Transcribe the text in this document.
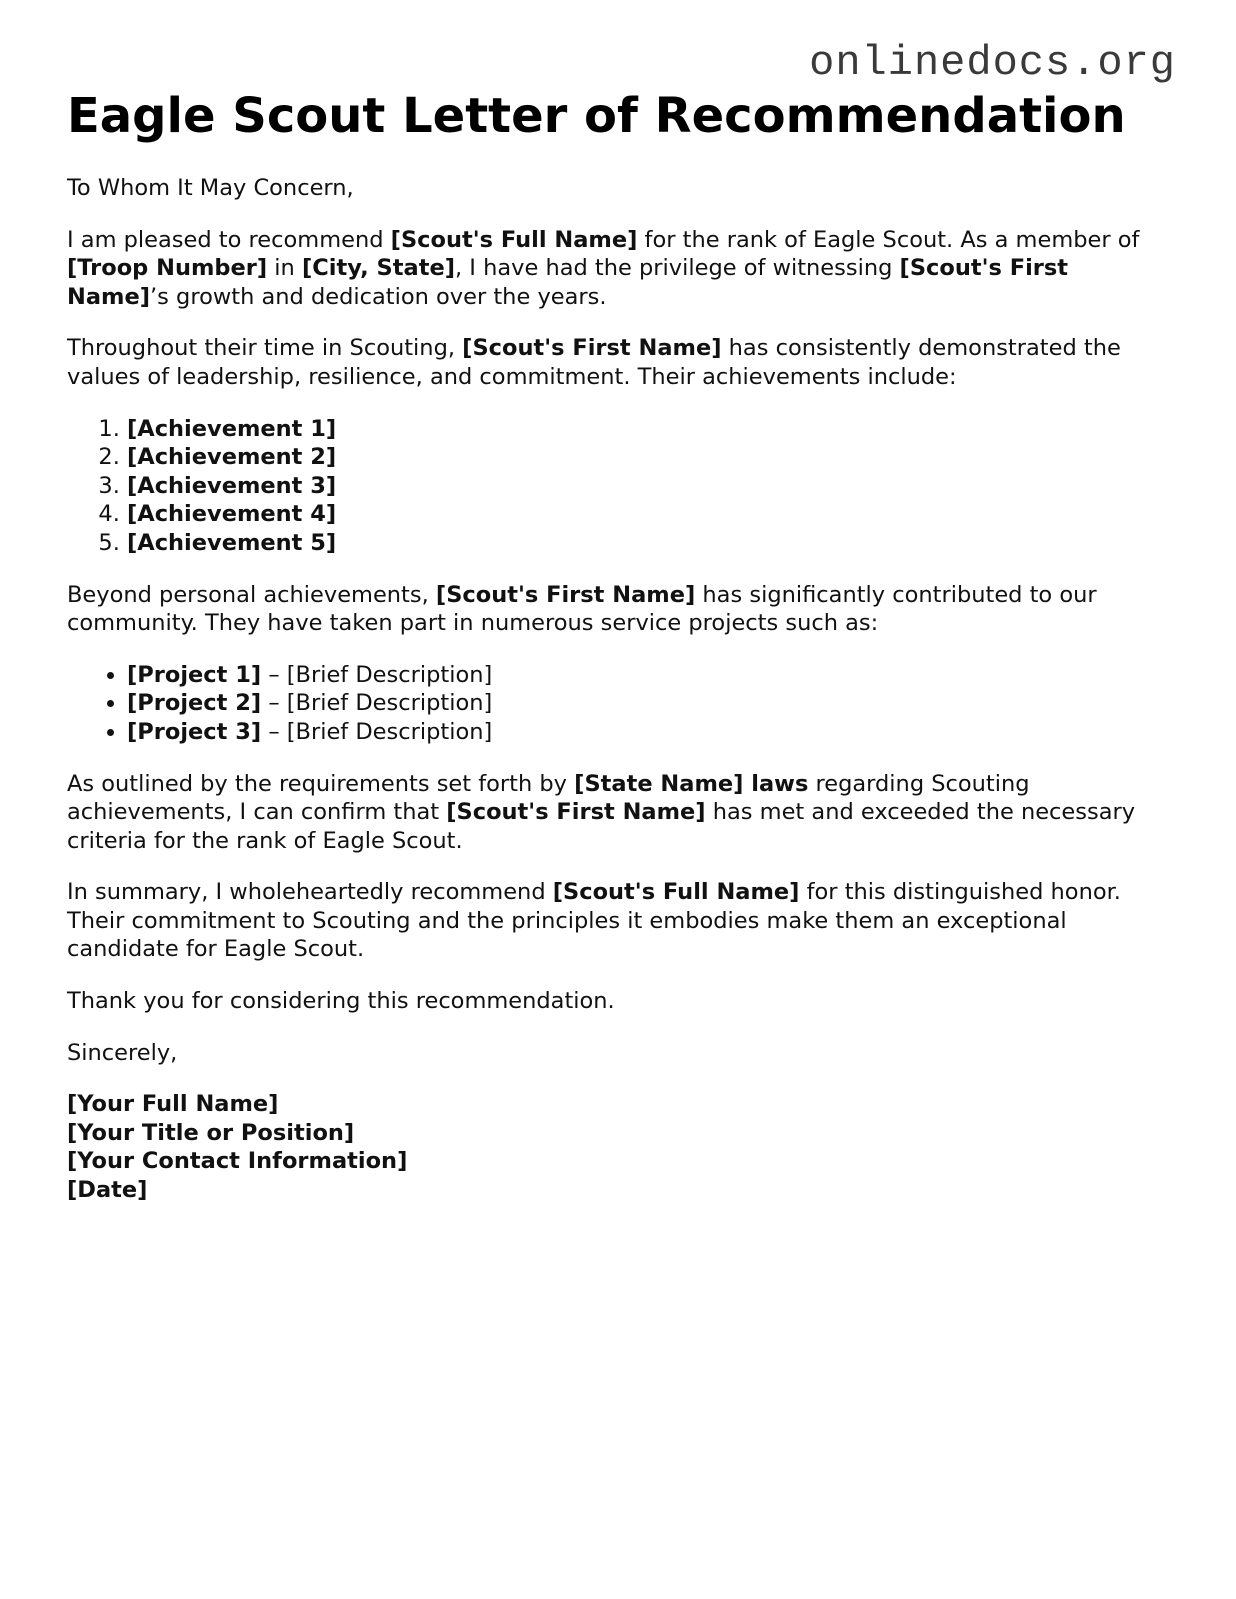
onlinedocs.org
Eagle Scout Letter of Recommendation

To Whom It May Concern,

I am pleased to recommend [Scout's Full Name] for the rank of Eagle Scout. As a member of [Troop Number] in [City, State], I have had the privilege of witnessing [Scout's First Name]’s growth and dedication over the years.

Throughout their time in Scouting, [Scout's First Name] has consistently demonstrated the values of leadership, resilience, and commitment. Their achievements include:

1. [Achievement 1]
2. [Achievement 2]
3. [Achievement 3]
4. [Achievement 4]
5. [Achievement 5]

Beyond personal achievements, [Scout's First Name] has significantly contributed to our community. They have taken part in numerous service projects such as:

• [Project 1] – [Brief Description]
• [Project 2] – [Brief Description]
• [Project 3] – [Brief Description]

As outlined by the requirements set forth by [State Name] laws regarding Scouting achievements, I can confirm that [Scout's First Name] has met and exceeded the necessary criteria for the rank of Eagle Scout.

In summary, I wholeheartedly recommend [Scout's Full Name] for this distinguished honor. Their commitment to Scouting and the principles it embodies make them an exceptional candidate for Eagle Scout.

Thank you for considering this recommendation.

Sincerely,

[Your Full Name]
[Your Title or Position]
[Your Contact Information]
[Date]
